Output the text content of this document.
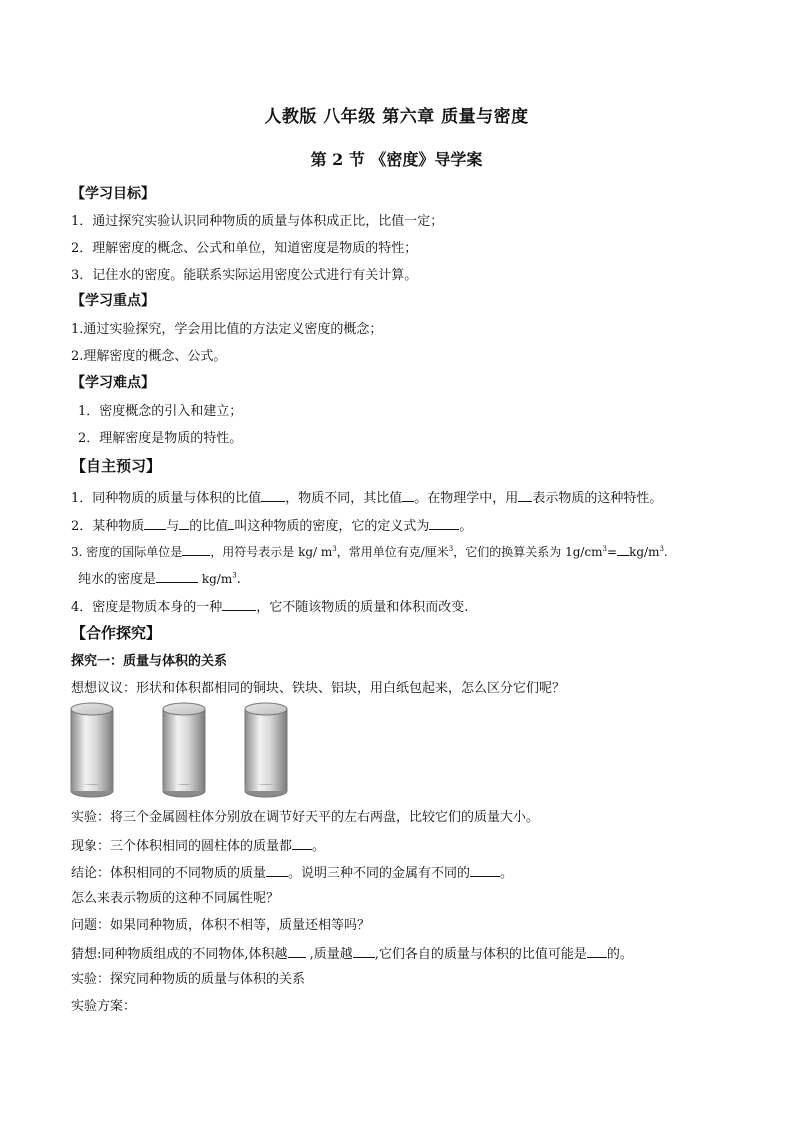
人教版 八年级 第六章 质量与密度
第 2 节 《密度》导学案
【学习目标】
1．通过探究实验认识同种物质的质量与体积成正比，比值一定；
2．理解密度的概念、公式和单位，知道密度是物质的特性；
3．记住水的密度。能联系实际运用密度公式进行有关计算。
【学习重点】
1.通过实验探究，学会用比值的方法定义密度的概念；
2.理解密度的概念、公式。
【学习难点】
1．密度概念的引入和建立；
2．理解密度是物质的特性。
【自主预习】
1．同种物质的质量与体积的比值 ，物质不同，其比值 。在物理学中，用 表示物质的这种特性。
2．某种物质 与 的比值 叫这种物质的密度，它的定义式为 。
3. 密度的国际单位是 ，用符号表示是 kg/ $m^3$，常用单位有克/厘米$^3$，它们的换算关系为 $1g/cm^3= kg/m^3$.
纯水的密度是	$kg/m^3$.
4．密度是物质本身的一种	，它不随该物质的质量和体积而改变.
【合作探究】
探究一：质量与体积的关系
想想议议：形状和体积都相同的铜块、铁块、铝块，用白纸包起来，怎么区分它们呢？
实验：将三个金属圆柱体分别放在调节好天平的左右两盘，比较它们的质量大小。
现象：三个体积相同的圆柱体的质量都 。
结论：体积相同的不同物质的质量 。说明三种不同的金属有不同的 。
怎么来表示物质的这种不同属性呢？
问题：如果同种物质，体积不相等，质量还相等吗？
猜想:同种物质组成的不同物体,体积越 ,质量越 ,它们各自的质量与体积的比值可能是 的。
实验：探究同种物质的质量与体积的关系
实验方案：
